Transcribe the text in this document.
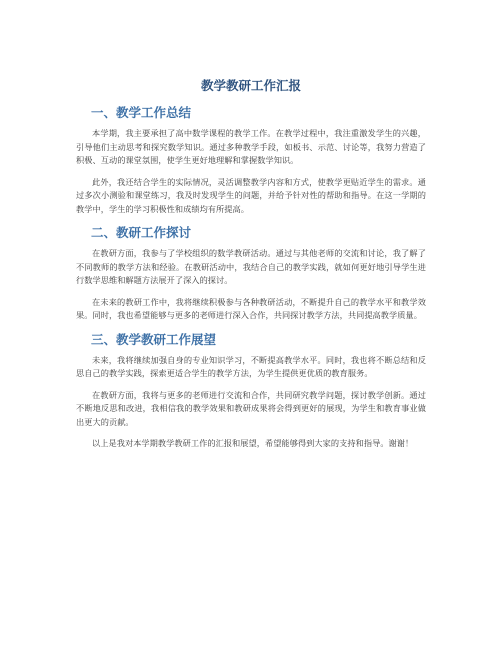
教学教研工作汇报
一、教学工作总结

本学期，我主要承担了高中数学课程的教学工作。在教学过程中，我注重激发学生的兴趣，引导他们主动思考和探究数学知识。通过多种教学手段，如板书、示范、讨论等，我努力营造了积极、互动的课堂氛围，使学生更好地理解和掌握数学知识。

此外，我还结合学生的实际情况，灵活调整教学内容和方式，使教学更贴近学生的需求。通过多次小测验和课堂练习，我及时发现学生的问题，并给予针对性的帮助和指导。在这一学期的教学中，学生的学习积极性和成绩均有所提高。

二、教研工作探讨

在教研方面，我参与了学校组织的数学教研活动。通过与其他老师的交流和讨论，我了解了不同教师的教学方法和经验。在教研活动中，我结合自己的教学实践，就如何更好地引导学生进行数学思维和解题方法展开了深入的探讨。

在未来的教研工作中，我将继续积极参与各种教研活动，不断提升自己的教学水平和教学效果。同时，我也希望能够与更多的老师进行深入合作，共同探讨教学方法，共同提高教学质量。

三、教学教研工作展望

未来，我将继续加强自身的专业知识学习，不断提高教学水平。同时，我也将不断总结和反思自己的教学实践，探索更适合学生的教学方法，为学生提供更优质的教育服务。

在教研方面，我将与更多的老师进行交流和合作，共同研究教学问题，探讨教学创新。通过不断地反思和改进，我相信我的教学效果和教研成果将会得到更好的展现，为学生和教育事业做出更大的贡献。

以上是我对本学期教学教研工作的汇报和展望，希望能够得到大家的支持和指导。谢谢！
